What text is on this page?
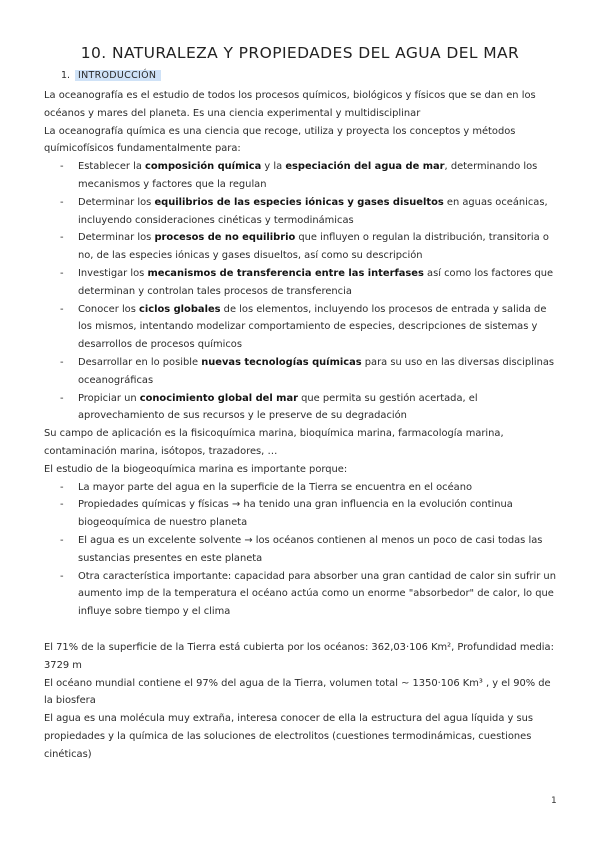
10. NATURALEZA Y PROPIEDADES DEL AGUA DEL MAR
1. INTRODUCCIÓN

La oceanografía es el estudio de todos los procesos químicos, biológicos y físicos que se dan en los océanos y mares del planeta. Es una ciencia experimental y multidisciplinar

La oceanografía química es una ciencia que recoge, utiliza y proyecta los conceptos y métodos químicofísicos fundamentalmente para:

- Establecer la composición química y la especiación del agua de mar, determinando los mecanismos y factores que la regulan
- Determinar los equilibrios de las especies iónicas y gases disueltos en aguas oceánicas, incluyendo consideraciones cinéticas y termodinámicas
- Determinar los procesos de no equilibrio que influyen o regulan la distribución, transitoria o no, de las especies iónicas y gases disueltos, así como su descripción
- Investigar los mecanismos de transferencia entre las interfases así como los factores que determinan y controlan tales procesos de transferencia
- Conocer los ciclos globales de los elementos, incluyendo los procesos de entrada y salida de los mismos, intentando modelizar comportamiento de especies, descripciones de sistemas y desarrollos de procesos químicos
- Desarrollar en lo posible nuevas tecnologías químicas para su uso en las diversas disciplinas oceanográficas
- Propiciar un conocimiento global del mar que permita su gestión acertada, el aprovechamiento de sus recursos y le preserve de su degradación

Su campo de aplicación es la fisicoquímica marina, bioquímica marina, farmacología marina, contaminación marina, isótopos, trazadores, …

El estudio de la biogeoquímica marina es importante porque:

- La mayor parte del agua en la superficie de la Tierra se encuentra en el océano
- Propiedades químicas y físicas → ha tenido una gran influencia en la evolución continua biogeoquímica de nuestro planeta
- El agua es un excelente solvente → los océanos contienen al menos un poco de casi todas las sustancias presentes en este planeta
- Otra característica importante: capacidad para absorber una gran cantidad de calor sin sufrir un aumento imp de la temperatura el océano actúa como un enorme "absorbedor" de calor, lo que influye sobre tiempo y el clima

El 71% de la superficie de la Tierra está cubierta por los océanos: 362,03·106 Km², Profundidad media: 3729 m

El océano mundial contiene el 97% del agua de la Tierra, volumen total ~ 1350·106 Km³ , y el 90% de la biosfera

El agua es una molécula muy extraña, interesa conocer de ella la estructura del agua líquida y sus propiedades y la química de las soluciones de electrolitos (cuestiones termodinámicas, cuestiones cinéticas)

1
